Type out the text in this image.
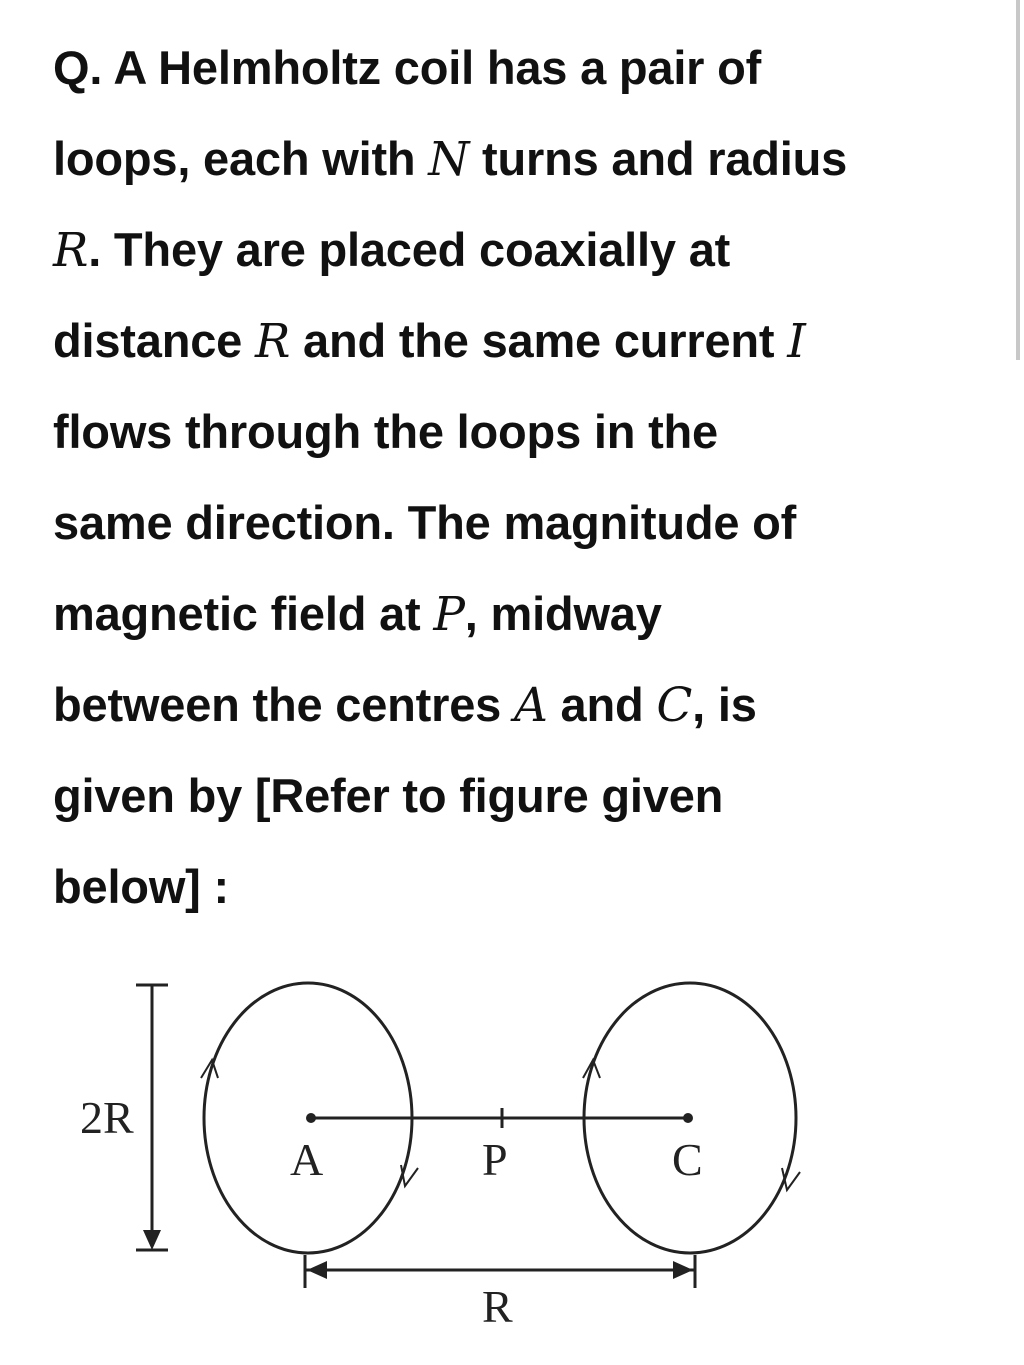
Q. A Helmholtz coil has a pair of
loops, each with N turns and radius
R. They are placed coaxially at
distance R and the same current I
flows through the loops in the
same direction. The magnitude of
magnetic field at P, midway
between the centres A and C, is
given by [Refer to figure given
below] :
2R
A	P	C
R
